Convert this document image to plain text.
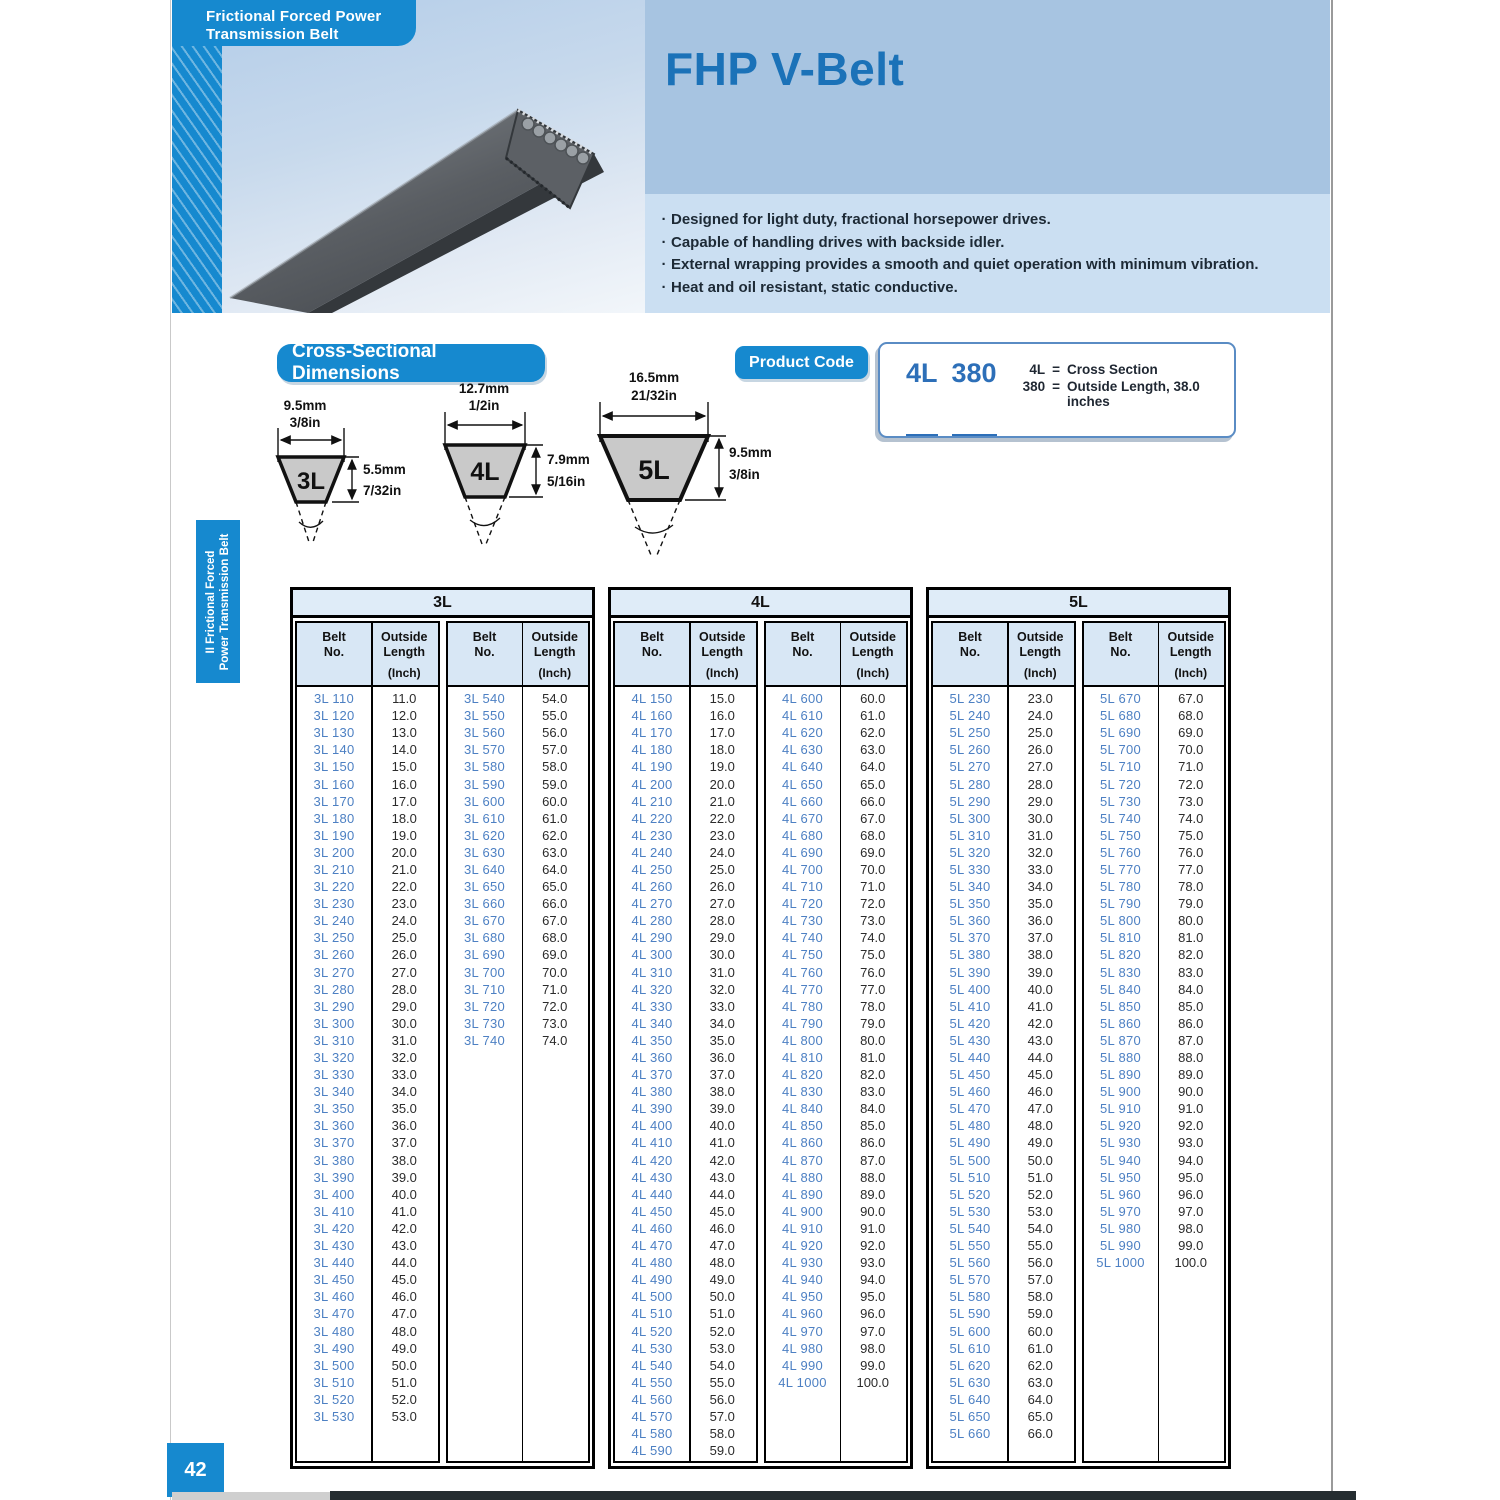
Frictional Forced Power
Transmission Belt
FHP V-Belt
· Designed for light duty, fractional horsepower drives.
· Capable of handling drives with backside idler.
· External wrapping provides a smooth and quiet operation with minimum vibration.
· Heat and oil resistant, static conductive.
Cross-Sectional Dimensions
9.5mm
3/8in
3L	5.5mm
7/32in
12.7mm
1/2in
4L	7.9mm
5/16in
16.5mm
21/32in
5L
9.5mm
3/8in
4L 380	4L = Cross Section
380 = Outside Length, 38.0 inches
Product Code
II Frictional Forced Power Transmission Belt	3L
Belt
No.
Outside
Length
(Inch)
3L 110	11.0
3L 120	12.0
3L 130	13.0
3L 140	14.0
3L 150	15.0
3L 160	16.0
3L 170	17.0
3L 180	18.0
3L 190	19.0
3L 200	20.0
3L 210	21.0
3L 220	22.0
3L 230	23.0
3L 240	24.0
3L 250	25.0
3L 260	26.0
3L 270	27.0
3L 280	28.0
3L 290	29.0
3L 300	30.0
3L 310	31.0
3L 320	32.0
3L 330	33.0
3L 340	34.0
3L 350	35.0
3L 360	36.0
3L 370	37.0
3L 380	38.0
3L 390	39.0
3L 400	40.0
3L 410	41.0
3L 420	42.0
3L 430	43.0
3L 440	44.0
3L 450	45.0
3L 460	46.0
3L 470	47.0
3L 480	48.0
3L 490	49.0
3L 500	50.0
3L 510	51.0
3L 520	52.0
3L 530	53.0
Belt
No.
Outside
Length
(Inch)
3L 540	54.0
3L 550	55.0
3L 560	56.0
3L 570	57.0
3L 580	58.0
3L 590	59.0
3L 600	60.0
3L 610	61.0
3L 620	62.0
3L 630	63.0
3L 640	64.0
3L 650	65.0
3L 660	66.0
3L 670	67.0
3L 680	68.0
3L 690	69.0
3L 700	70.0
3L 710	71.0
3L 720	72.0
3L 730	73.0
3L 740	74.0
4L
Belt
No.
Outside
Length
(Inch)
4L 150	15.0
4L 160	16.0
4L 170	17.0
4L 180	18.0
4L 190	19.0
4L 200	20.0
4L 210	21.0
4L 220	22.0
4L 230	23.0
4L 240	24.0
4L 250	25.0
4L 260	26.0
4L 270	27.0
4L 280	28.0
4L 290	29.0
4L 300	30.0
4L 310	31.0
4L 320	32.0
4L 330	33.0
4L 340	34.0
4L 350	35.0
4L 360	36.0
4L 370	37.0
4L 380	38.0
4L 390	39.0
4L 400	40.0
4L 410	41.0
4L 420	42.0
4L 430	43.0
4L 440	44.0
4L 450	45.0
4L 460	46.0
4L 470	47.0
4L 480	48.0
4L 490	49.0
4L 500	50.0
4L 510	51.0
4L 520	52.0
4L 530	53.0
4L 540	54.0
4L 550	55.0
4L 560	56.0
4L 570	57.0
4L 580	58.0
4L 590	59.0
Belt
No.
Outside
Length
(Inch)
4L 600	60.0
4L 610	61.0
4L 620	62.0
4L 630	63.0
4L 640	64.0
4L 650	65.0
4L 660	66.0
4L 670	67.0
4L 680	68.0
4L 690	69.0
4L 700	70.0
4L 710	71.0
4L 720	72.0
4L 730	73.0
4L 740	74.0
4L 750	75.0
4L 760	76.0
4L 770	77.0
4L 780	78.0
4L 790	79.0
4L 800	80.0
4L 810	81.0
4L 820	82.0
4L 830	83.0
4L 840	84.0
4L 850	85.0
4L 860	86.0
4L 870	87.0
4L 880	88.0
4L 890	89.0
4L 900	90.0
4L 910	91.0
4L 920	92.0
4L 930	93.0
4L 940	94.0
4L 950	95.0
4L 960	96.0
4L 970	97.0
4L 980	98.0
4L 990	99.0
4L 1000	100.0
5L
Belt
No.
Outside
Length
(Inch)
5L 230	23.0
5L 240	24.0
5L 250	25.0
5L 260	26.0
5L 270	27.0
5L 280	28.0
5L 290	29.0
5L 300	30.0
5L 310	31.0
5L 320	32.0
5L 330	33.0
5L 340	34.0
5L 350	35.0
5L 360	36.0
5L 370	37.0
5L 380	38.0
5L 390	39.0
5L 400	40.0
5L 410	41.0
5L 420	42.0
5L 430	43.0
5L 440	44.0
5L 450	45.0
5L 460	46.0
5L 470	47.0
5L 480	48.0
5L 490	49.0
5L 500	50.0
5L 510	51.0
5L 520	52.0
5L 530	53.0
5L 540	54.0
5L 550	55.0
5L 560	56.0
5L 570	57.0
5L 580	58.0
5L 590	59.0
5L 600	60.0
5L 610	61.0
5L 620	62.0
5L 630	63.0
5L 640	64.0
5L 650	65.0
5L 660	66.0
Belt
No.
Outside
Length
(Inch)
5L 670	67.0
5L 680	68.0
5L 690	69.0
5L 700	70.0
5L 710	71.0
5L 720	72.0
5L 730	73.0
5L 740	74.0
5L 750	75.0
5L 760	76.0
5L 770	77.0
5L 780	78.0
5L 790	79.0
5L 800	80.0
5L 810	81.0
5L 820	82.0
5L 830	83.0
5L 840	84.0
5L 850	85.0
5L 860	86.0
5L 870	87.0
5L 880	88.0
5L 890	89.0
5L 900	90.0
5L 910	91.0
5L 920	92.0
5L 930	93.0
5L 940	94.0
5L 950	95.0
5L 960	96.0
5L 970	97.0
5L 980	98.0
5L 990	99.0
5L 1000	100.0
42
